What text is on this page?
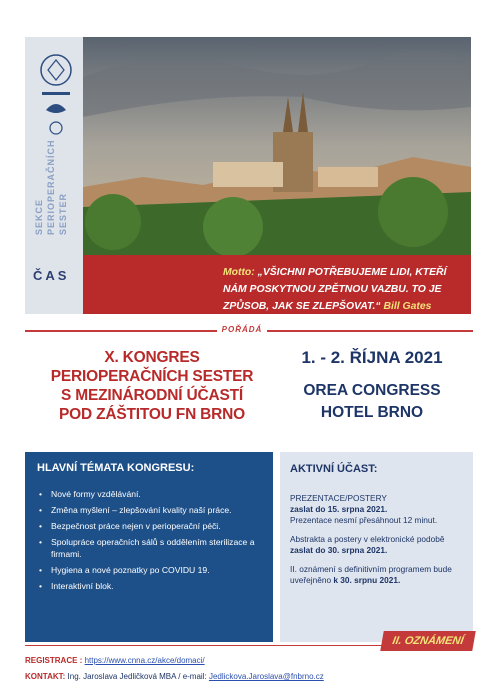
SEKCE PERIOPERAČNÍCH SESTER
ČAS	Motto: „VŠICHNI POTŘEBUJEME LIDI, KTEŘÍ NÁM POSKYTNOU ZPĚTNOU VAZBU. TO JE ZPŮSOB, JAK SE ZLEPŠOVAT.“ Bill Gates
POŘÁDÁ
X. KONGRES
PERIOPERAČNÍCH SESTER
S MEZINÁRODNÍ ÚČASTÍ
POD ZÁŠTITOU FN BRNO
1. - 2. ŘÍJNA 2021
OREA CONGRESS
HOTEL BRNO
HLAVNÍ TÉMATA KONGRESU:
• Nové formy vzdělávání.
• Změna myšlení – zlepšování kvality naší práce.
• Bezpečnost práce nejen v perioperační péči.
• Spolupráce operačních sálů s oddělením sterilizace a firmami.
• Hygiena a nové poznatky po COVIDU 19.
• Interaktivní blok.
AKTIVNÍ ÚČAST:

PREZENTACE/POSTERY
zaslat do 15. srpna 2021.
Prezentace nesmí přesáhnout 12 minut.

Abstrakta a postery v elektronické podobě zaslat do 30. srpna 2021.

II. oznámení s definitivním programem bude uveřejněno k 30. srpnu 2021.

II. OZNÁMENÍ
REGISTRACE : https://www.cnna.cz/akce/domaci/
KONTAKT: Ing. Jaroslava Jedličková MBA / e-mail: Jedlickova.Jaroslava@fnbrno.cz
